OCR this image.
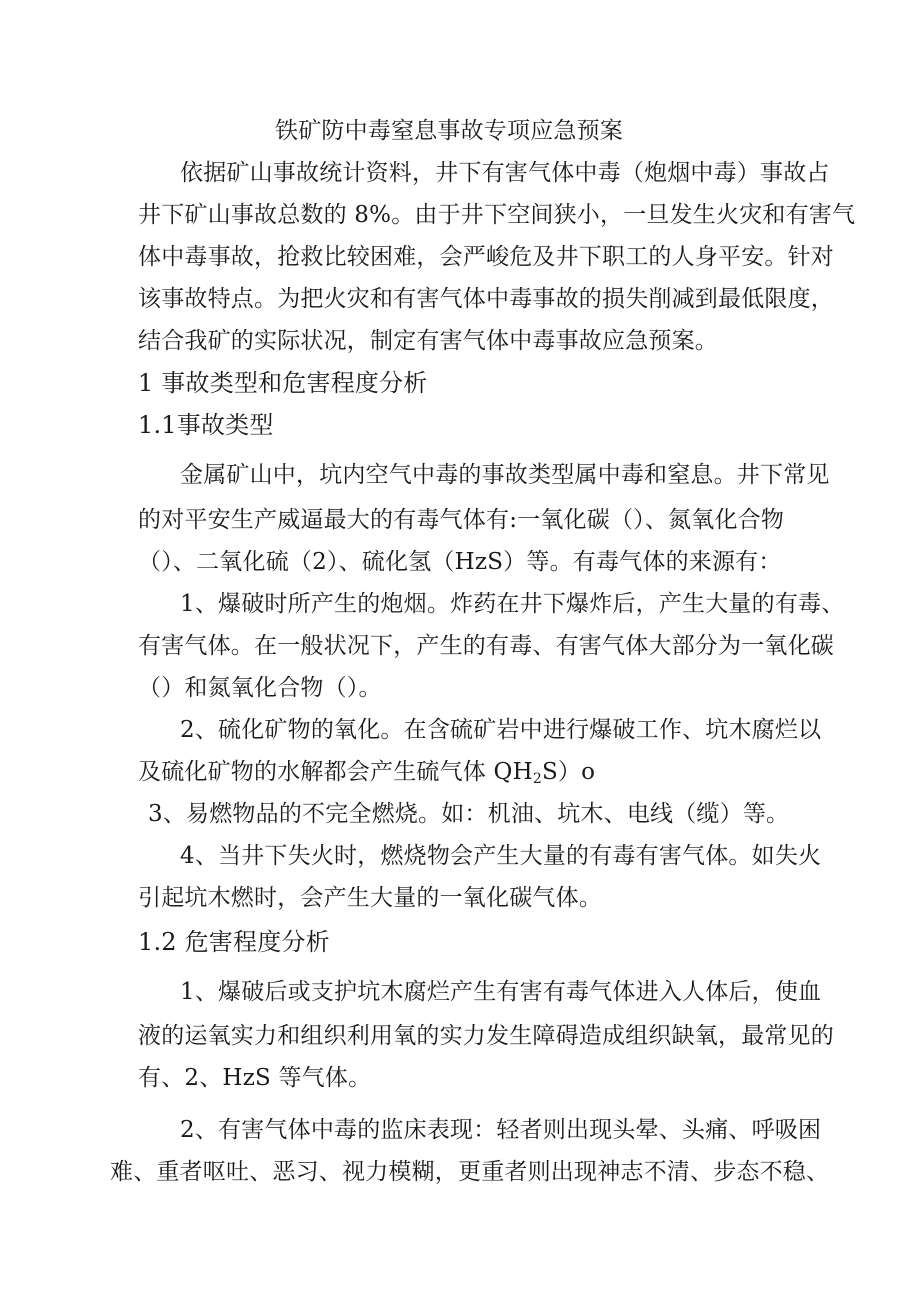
铁矿防中毒窒息事故专项应急预案
依据矿山事故统计资料，井下有害气体中毒（炮烟中毒）事故占
井下矿山事故总数的 8%。由于井下空间狭小，一旦发生火灾和有害气
体中毒事故，抢救比较困难，会严峻危及井下职工的人身平安。针对
该事故特点。为把火灾和有害气体中毒事故的损失削减到最低限度，
结合我矿的实际状况，制定有害气体中毒事故应急预案。
1 事故类型和危害程度分析
1.1事故类型
金属矿山中，坑内空气中毒的事故类型属中毒和窒息。井下常见
的对平安生产威逼最大的有毒气体有:一氧化碳（）、氮氧化合物
（）、二氧化硫（2）、硫化氢（HzS）等。有毒气体的来源有：
1、爆破时所产生的炮烟。炸药在井下爆炸后，产生大量的有毒、
有害气体。在一般状况下，产生的有毒、有害气体大部分为一氧化碳
（）和氮氧化合物（）。
2、硫化矿物的氧化。在含硫矿岩中进行爆破工作、坑木腐烂以
及硫化矿物的水解都会产生硫气体 $QH_2S)o$
3、易燃物品的不完全燃烧。如：机油、坑木、电线（缆）等。
4、当井下失火时，燃烧物会产生大量的有毒有害气体。如失火
引起坑木燃时，会产生大量的一氧化碳气体。
1.2 危害程度分析
1、爆破后或支护坑木腐烂产生有害有毒气体进入人体后，使血
液的运氧实力和组织利用氧的实力发生障碍造成组织缺氧，最常见的
有、2、HzS 等气体。
2、有害气体中毒的监床表现：轻者则出现头晕、头痛、呼吸困
难、重者呕吐、恶习、视力模糊，更重者则出现神志不清、步态不稳、
